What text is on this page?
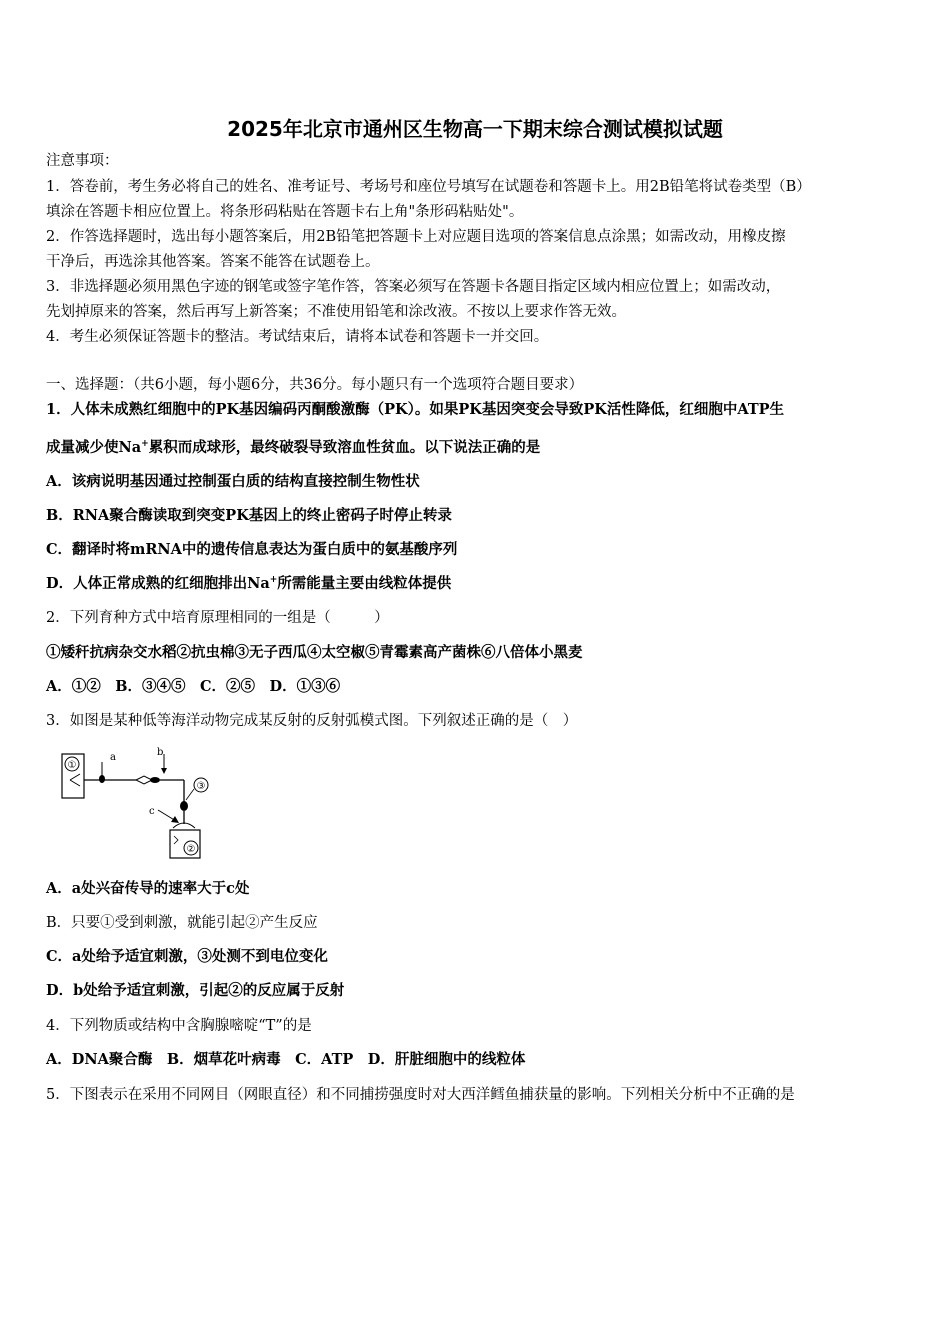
2025年北京市通州区生物高一下期末综合测试模拟试题
注意事项：
1．答卷前，考生务必将自己的姓名、准考证号、考场号和座位号填写在试题卷和答题卡上。用2B铅笔将试卷类型（B）
填涂在答题卡相应位置上。将条形码粘贴在答题卡右上角"条形码粘贴处"。
2．作答选择题时，选出每小题答案后，用2B铅笔把答题卡上对应题目选项的答案信息点涂黑；如需改动，用橡皮擦
干净后，再选涂其他答案。答案不能答在试题卷上。
3．非选择题必须用黑色字迹的钢笔或签字笔作答，答案必须写在答题卡各题目指定区域内相应位置上；如需改动，
先划掉原来的答案，然后再写上新答案；不准使用铅笔和涂改液。不按以上要求作答无效。
4．考生必须保证答题卡的整洁。考试结束后，请将本试卷和答题卡一并交回。
一、选择题：（共6小题，每小题6分，共36分。每小题只有一个选项符合题目要求）
1．人体未成熟红细胞中的PK基因编码丙酮酸激酶（PK）。如果PK基因突变会导致PK活性降低，红细胞中ATP生
成量减少使Na+累积而成球形，最终破裂导致溶血性贫血。以下说法正确的是
A．该病说明基因通过控制蛋白质的结构直接控制生物性状
B．RNA聚合酶读取到突变PK基因上的终止密码子时停止转录
C．翻译时将mRNA中的遗传信息表达为蛋白质中的氨基酸序列
D．人体正常成熟的红细胞排出Na+所需能量主要由线粒体提供
2．下列育种方式中培育原理相同的一组是（　　　）
①矮秆抗病杂交水稻②抗虫棉③无子西瓜④太空椒⑤青霉素高产菌株⑥八倍体小黑麦
A．①②　B．③④⑤　C．②⑤　D．①③⑥
3．如图是某种低等海洋动物完成某反射的反射弧模式图。下列叙述正确的是（　）
①
a	b
③
②
c
A．a处兴奋传导的速率大于c处
B．只要①受到刺激，就能引起②产生反应
C．a处给予适宜刺激，③处测不到电位变化
D．b处给予适宜刺激，引起②的反应属于反射
4．下列物质或结构中含胸腺嘧啶“T”的是
A．DNA聚合酶　B．烟草花叶病毒　C．ATP　D．肝脏细胞中的线粒体
5．下图表示在采用不同网目（网眼直径）和不同捕捞强度时对大西洋鳕鱼捕获量的影响。下列相关分析中不正确的是
